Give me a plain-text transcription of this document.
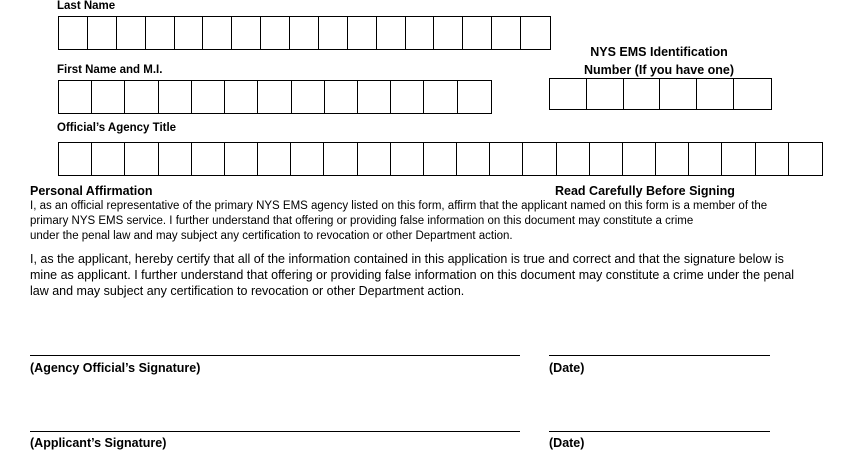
Last Name
First Name and M.I.
NYS EMS Identification
Number (If you have one)
Official’s Agency Title
Personal Affirmation	Read Carefully Before Signing
I, as an official representative of the primary NYS EMS agency listed on this form, affirm that the applicant named on this form is a member of the
primary NYS EMS service. I further understand that offering or providing false information on this document may constitute a crime
under the penal law and may subject any certification to revocation or other Department action.
I, as the applicant, hereby certify that all of the information contained in this application is true and correct and that the signature below is
mine as applicant. I further understand that offering or providing false information on this document may constitute a crime under the penal
law and may subject any certification to revocation or other Department action.
(Agency Official’s Signature)	(Date)
(Applicant’s Signature)	(Date)
